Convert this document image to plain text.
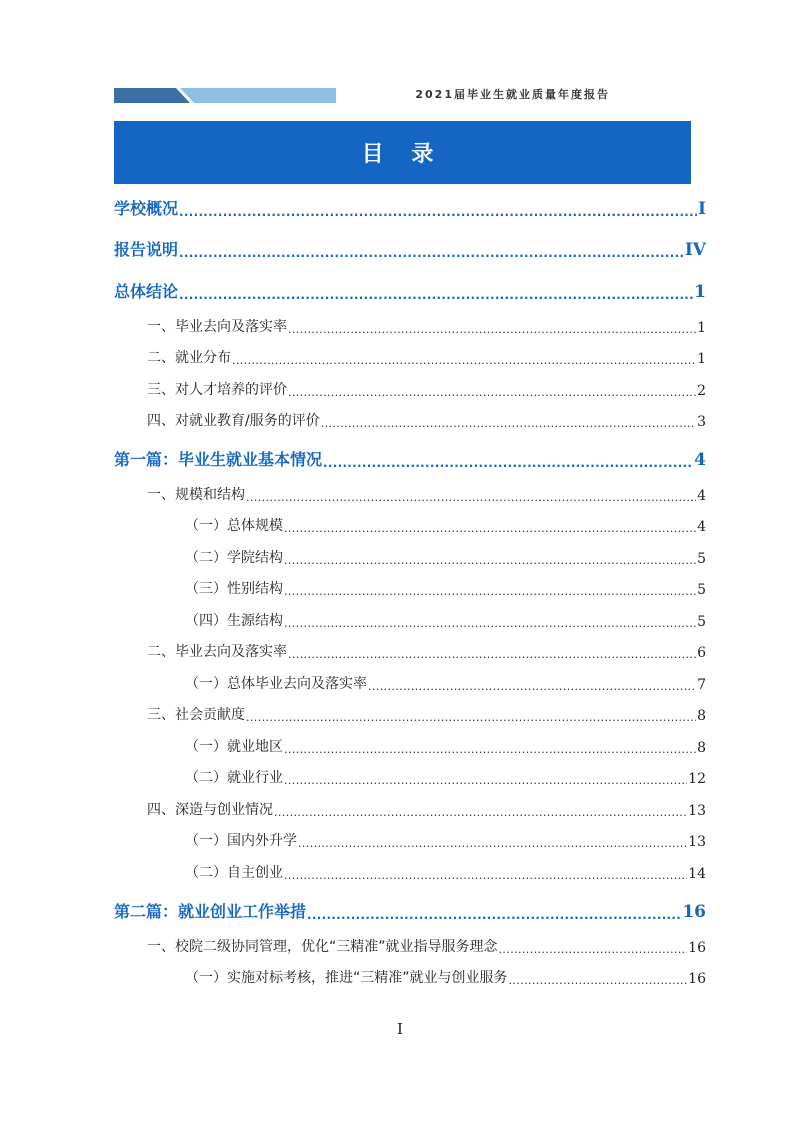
2021届毕业生就业质量年度报告
目 录
学校概况 .....	I
报告说明 .....	IV
总体结论 .....	1
一、毕业去向及落实率 .....	1
二、就业分布 .....	1
三、对人才培养的评价 .....	2
四、对就业教育/服务的评价 .....	3
第一篇：毕业生就业基本情况 .....	4
一、规模和结构 .....	4
（一）总体规模 .....	4
（二）学院结构 .....	5
（三）性别结构 .....	5
（四）生源结构 .....	5
二、毕业去向及落实率 .....	6
（一）总体毕业去向及落实率 .....	7
三、社会贡献度 .....	8
（一）就业地区 .....	8
（二）就业行业 .....	12
四、深造与创业情况 .....	13
（一）国内外升学 .....	13
（二）自主创业 .....	14
第二篇：就业创业工作举措 .....	16
一、校院二级协同管理，优化“三精准”就业指导服务理念 .....	16
（一）实施对标考核，推进“三精准”就业与创业服务 .....	16
I
